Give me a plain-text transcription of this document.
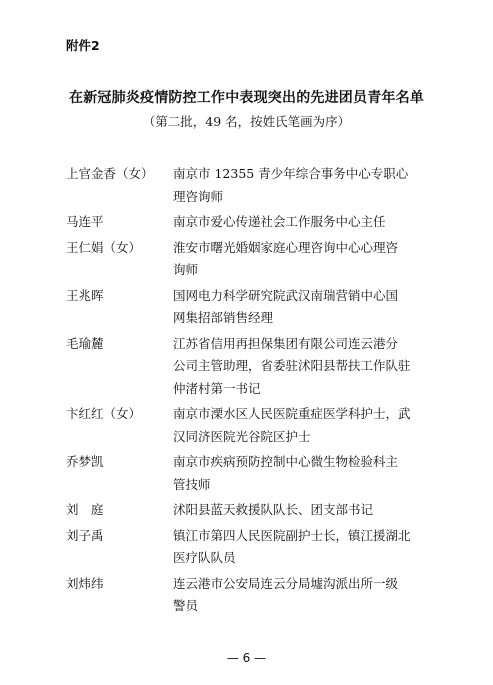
附件2
在新冠肺炎疫情防控工作中表现突出的先进团员青年名单
（第二批，49 名，按姓氏笔画为序）
上官金香（女）	南京市 12355 青少年综合事务中心专职心
理咨询师
马连平	南京市爱心传递社会工作服务中心主任
王仁娟（女）	淮安市曙光婚姻家庭心理咨询中心心理咨
询师
王兆晖	国网电力科学研究院武汉南瑞营销中心国
网集招部销售经理
毛瑜麓	江苏省信用再担保集团有限公司连云港分
公司主管助理，省委驻沭阳县帮扶工作队驻
仲渚村第一书记
卞红红（女）	南京市溧水区人民医院重症医学科护士，武
汉同济医院光谷院区护士
乔梦凯	南京市疾病预防控制中心微生物检验科主
管技师
刘　庭	沭阳县蓝天救援队队长、团支部书记
刘子禹	镇江市第四人民医院副护士长，镇江援湖北
医疗队队员
刘炜纬	连云港市公安局连云分局墟沟派出所一级
警员
— 6 —
